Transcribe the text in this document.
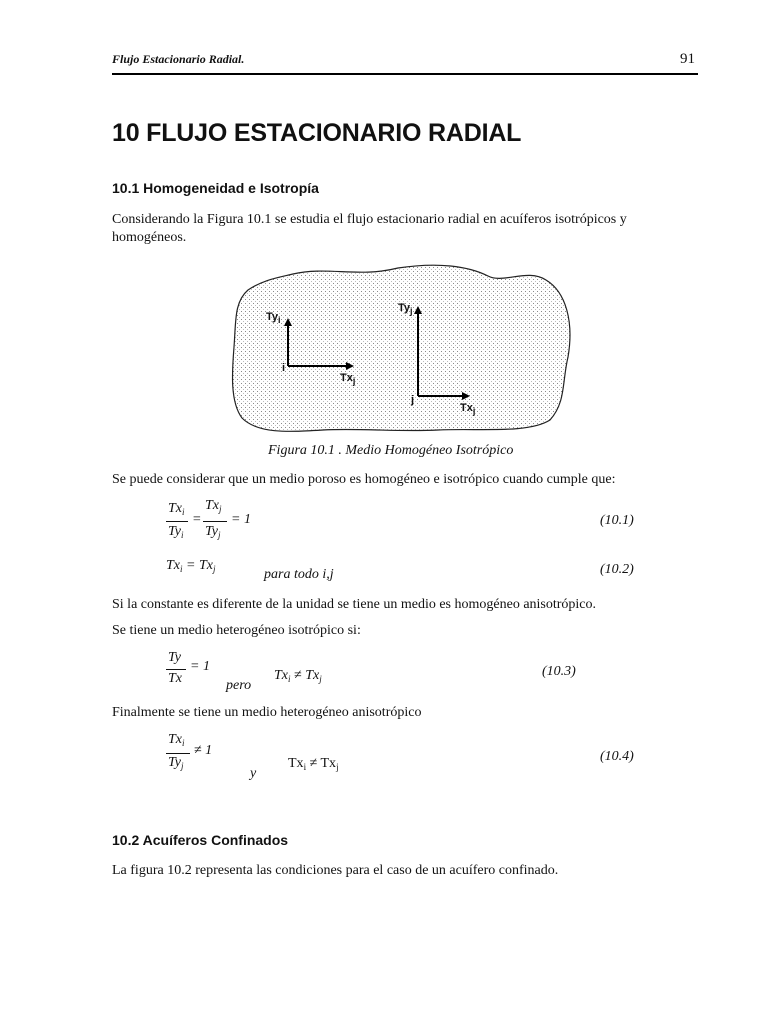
Flujo Estacionario Radial.	91
10 FLUJO ESTACIONARIO RADIAL
10.1 Homogeneidad e Isotropía
Considerando la Figura 10.1 se estudia el flujo estacionario radial en acuíferos isotrópicos y
homogéneos.
$Ty_i$
i
$Tx_j$
$Ty_j$
j
$Tx_j$
Figura 10.1 . Medio Homogéneo Isotrópico
Se puede considerar que un medio poroso es homogéneo e isotrópico cuando cumple que:
$Tx_i$
$Ty_i$
=
$Tx_j$
$Ty_j$
= 1	(10.1)
$Tx_i = Tx_j$	para todo i,j	(10.2)
Si la constante es diferente de la unidad se tiene un medio es homogéneo anisotrópico.
Se tiene un medio heterogéneo isotrópico si:
Ty
Tx
= 1
pero
$Tx_i \ne Tx_j$	(10.3)
Finalmente se tiene un medio heterogéneo anisotrópico
$Tx_i$
$Ty_j$
≠ 1
y
$Tx_i \ne Tx_j$
(10.4)
10.2 Acuíferos Confinados
La figura 10.2 representa las condiciones para el caso de un acuífero confinado.
